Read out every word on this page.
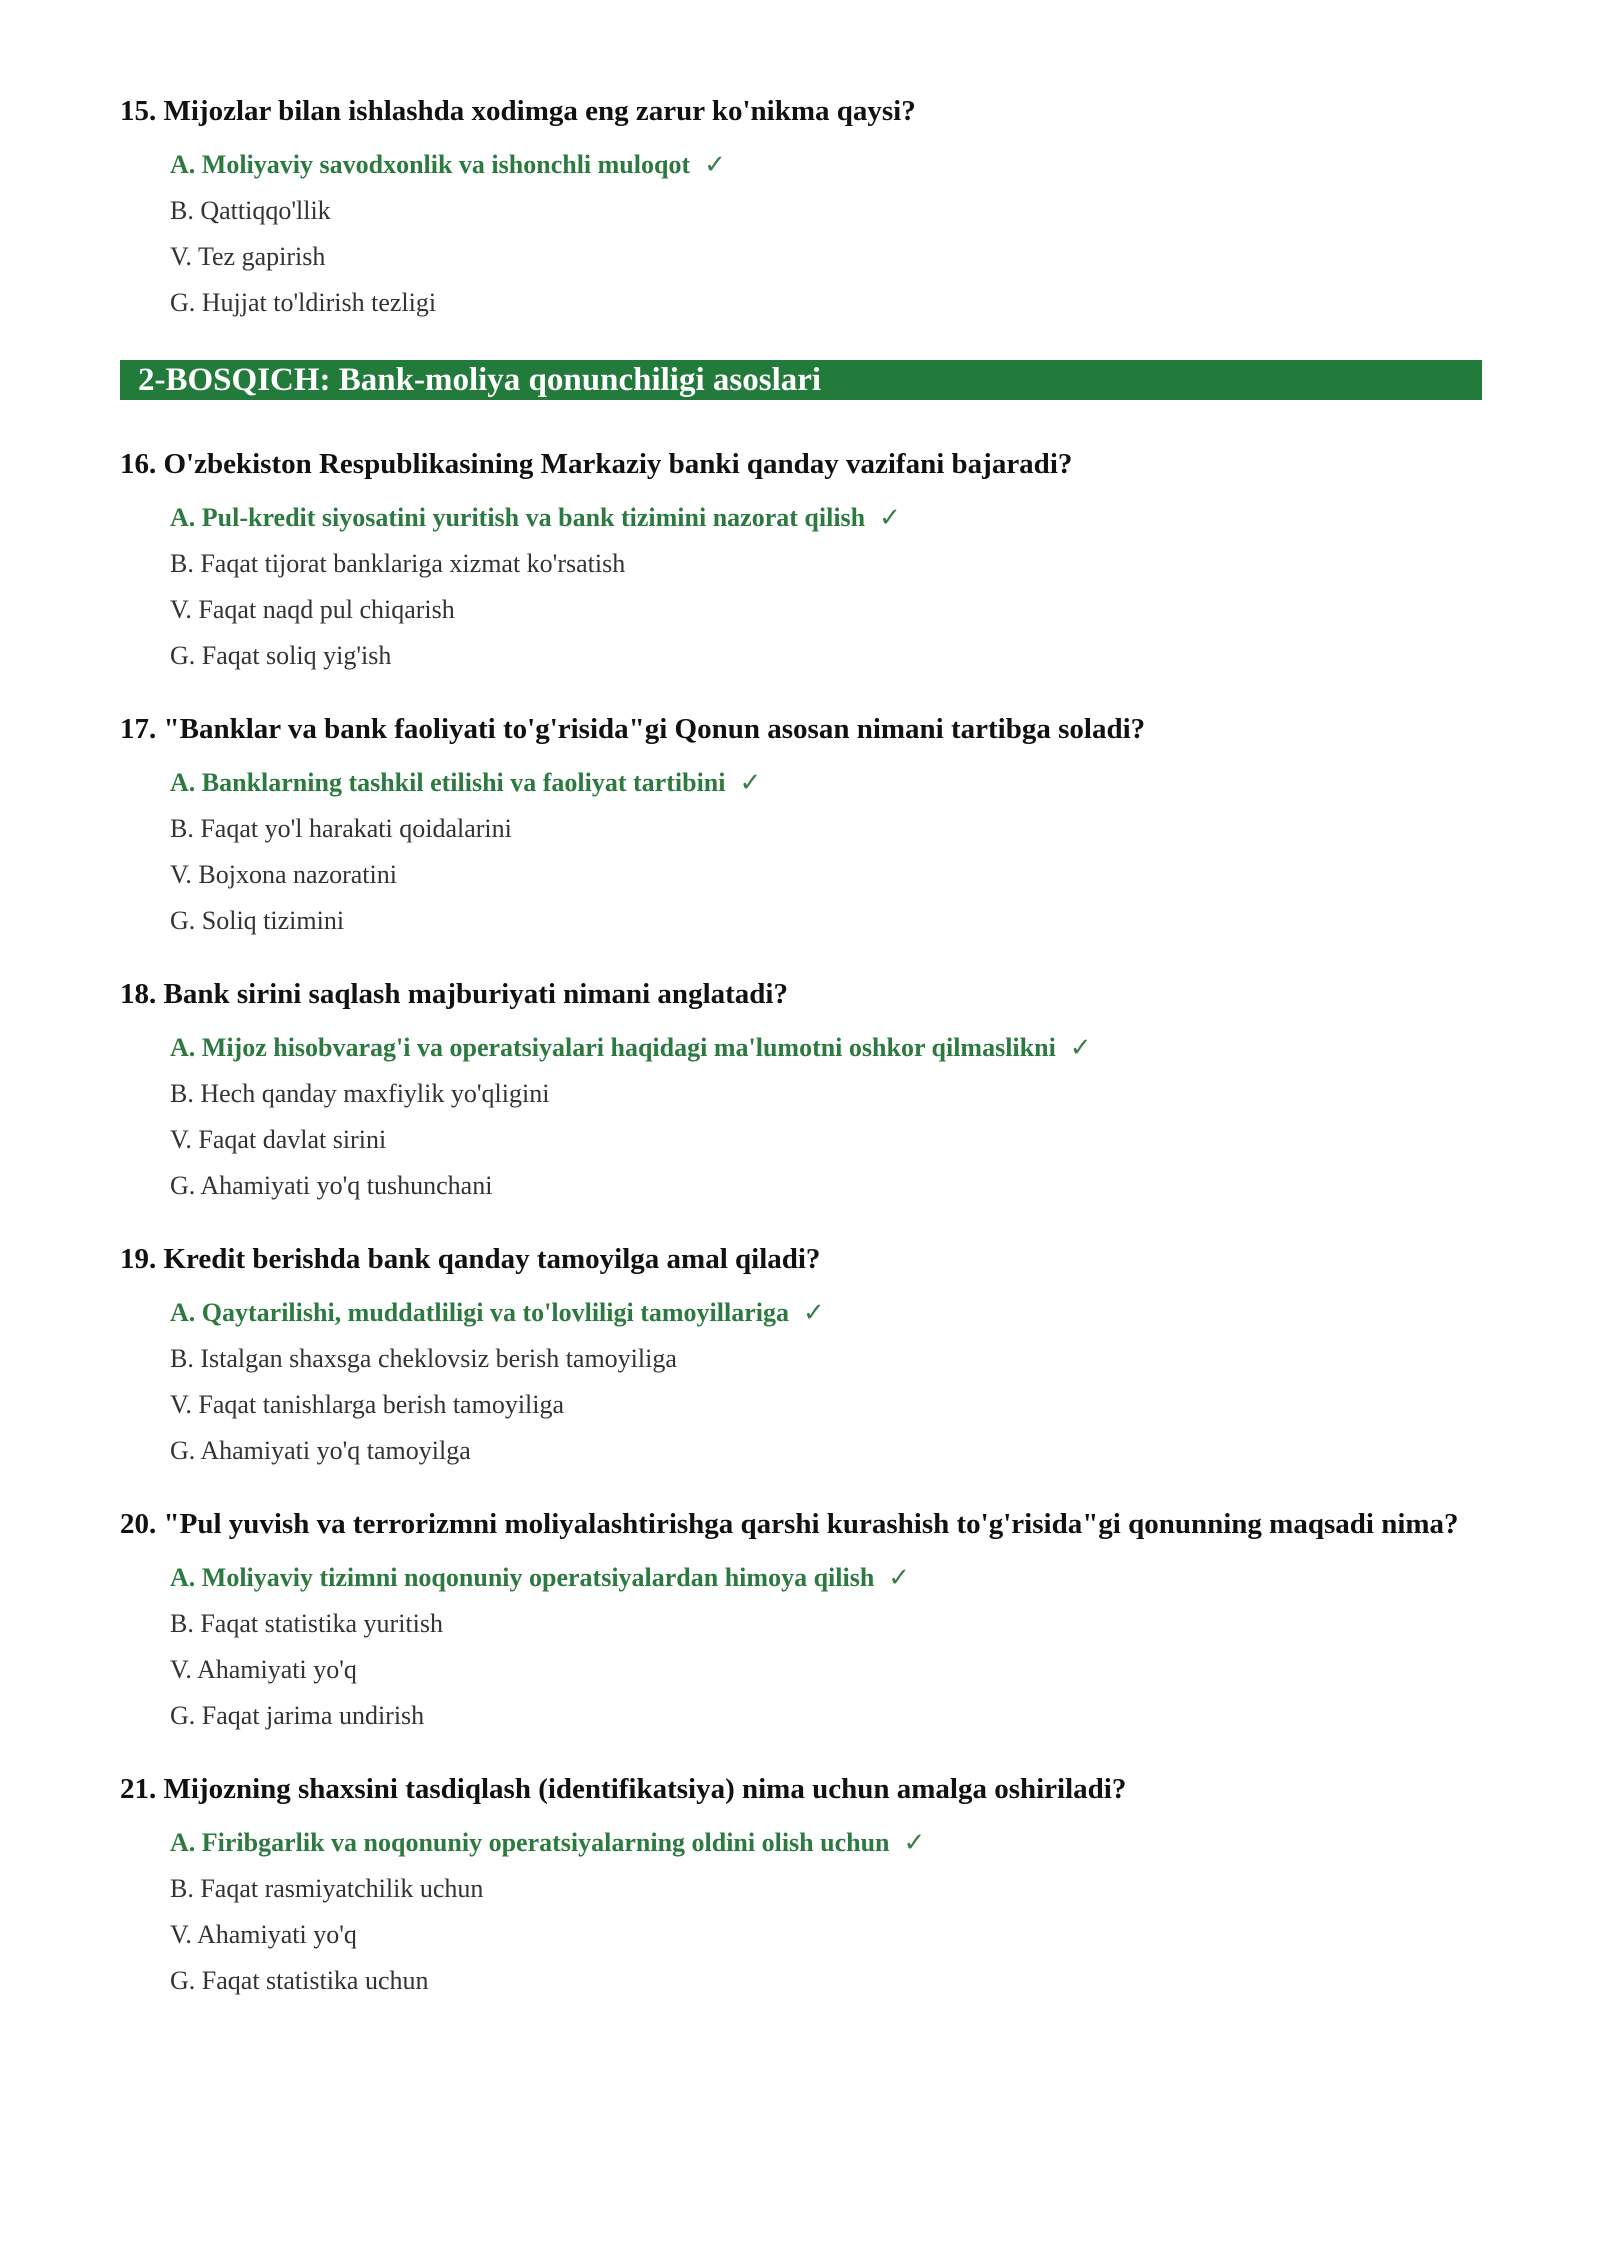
15. Mijozlar bilan ishlashda xodimga eng zarur ko'nikma qaysi?
A. Moliyaviy savodxonlik va ishonchli muloqot ✓
B. Qattiqqo'llik
V. Tez gapirish
G. Hujjat to'ldirish tezligi
2-BOSQICH: Bank-moliya qonunchiligi asoslari
16. O'zbekiston Respublikasining Markaziy banki qanday vazifani bajaradi?
A. Pul-kredit siyosatini yuritish va bank tizimini nazorat qilish ✓
B. Faqat tijorat banklariga xizmat ko'rsatish
V. Faqat naqd pul chiqarish
G. Faqat soliq yig'ish
17. "Banklar va bank faoliyati to'g'risida"gi Qonun asosan nimani tartibga soladi?
A. Banklarning tashkil etilishi va faoliyat tartibini ✓
B. Faqat yo'l harakati qoidalarini
V. Bojxona nazoratini
G. Soliq tizimini
18. Bank sirini saqlash majburiyati nimani anglatadi?
A. Mijoz hisobvarag'i va operatsiyalari haqidagi ma'lumotni oshkor qilmaslikni ✓
B. Hech qanday maxfiylik yo'qligini
V. Faqat davlat sirini
G. Ahamiyati yo'q tushunchani
19. Kredit berishda bank qanday tamoyilga amal qiladi?
A. Qaytarilishi, muddatliligi va to'lovliligi tamoyillariga ✓
B. Istalgan shaxsga cheklovsiz berish tamoyiliga
V. Faqat tanishlarga berish tamoyiliga
G. Ahamiyati yo'q tamoyilga
20. "Pul yuvish va terrorizmni moliyalashtirishga qarshi kurashish to'g'risida"gi qonunning maqsadi nima?
A. Moliyaviy tizimni noqonuniy operatsiyalardan himoya qilish ✓
B. Faqat statistika yuritish
V. Ahamiyati yo'q
G. Faqat jarima undirish
21. Mijozning shaxsini tasdiqlash (identifikatsiya) nima uchun amalga oshiriladi?
A. Firibgarlik va noqonuniy operatsiyalarning oldini olish uchun ✓
B. Faqat rasmiyatchilik uchun
V. Ahamiyati yo'q
G. Faqat statistika uchun
